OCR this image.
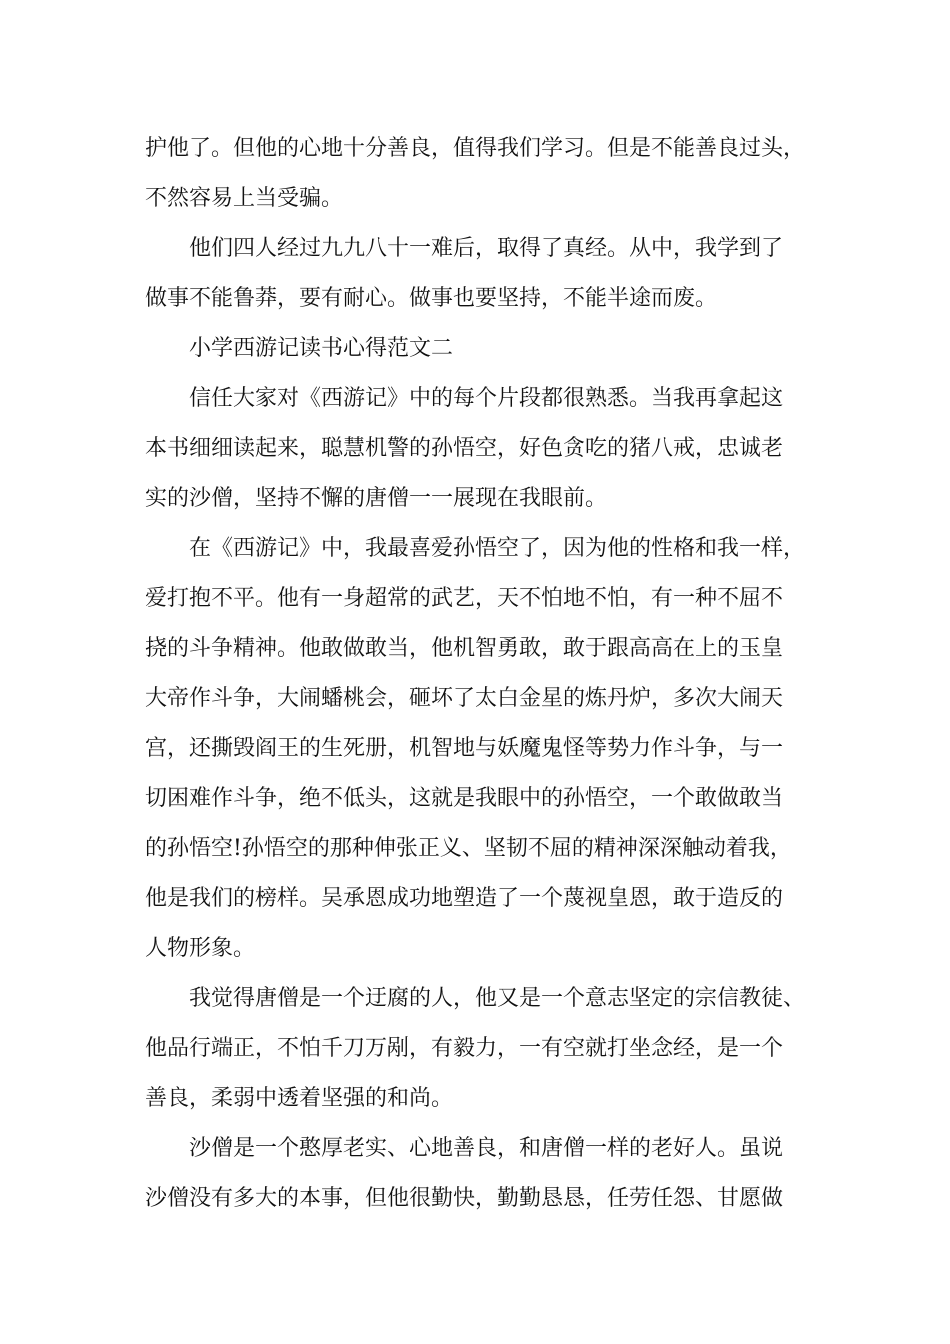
护他了。但他的心地十分善良，值得我们学习。但是不能善良过头，
不然容易上当受骗。

他们四人经过九九八十一难后，取得了真经。从中，我学到了
做事不能鲁莽，要有耐心。做事也要坚持，不能半途而废。

小学西游记读书心得范文二

信任大家对《西游记》中的每个片段都很熟悉。当我再拿起这
本书细细读起来，聪慧机警的孙悟空，好色贪吃的猪八戒，忠诚老
实的沙僧，坚持不懈的唐僧一一展现在我眼前。

在《西游记》中，我最喜爱孙悟空了，因为他的性格和我一样，
爱打抱不平。他有一身超常的武艺，天不怕地不怕，有一种不屈不
挠的斗争精神。他敢做敢当，他机智勇敢，敢于跟高高在上的玉皇
大帝作斗争，大闹蟠桃会，砸坏了太白金星的炼丹炉，多次大闹天
宫，还撕毁阎王的生死册，机智地与妖魔鬼怪等势力作斗争，与一
切困难作斗争，绝不低头，这就是我眼中的孙悟空，一个敢做敢当
的孙悟空!孙悟空的那种伸张正义、坚韧不屈的精神深深触动着我，
他是我们的榜样。吴承恩成功地塑造了一个蔑视皇恩，敢于造反的
人物形象。

我觉得唐僧是一个迂腐的人，他又是一个意志坚定的宗信教徒、
他品行端正，不怕千刀万剐，有毅力，一有空就打坐念经，是一个
善良，柔弱中透着坚强的和尚。

沙僧是一个憨厚老实、心地善良，和唐僧一样的老好人。虽说
沙僧没有多大的本事，但他很勤快，勤勤恳恳，任劳任怨、甘愿做
